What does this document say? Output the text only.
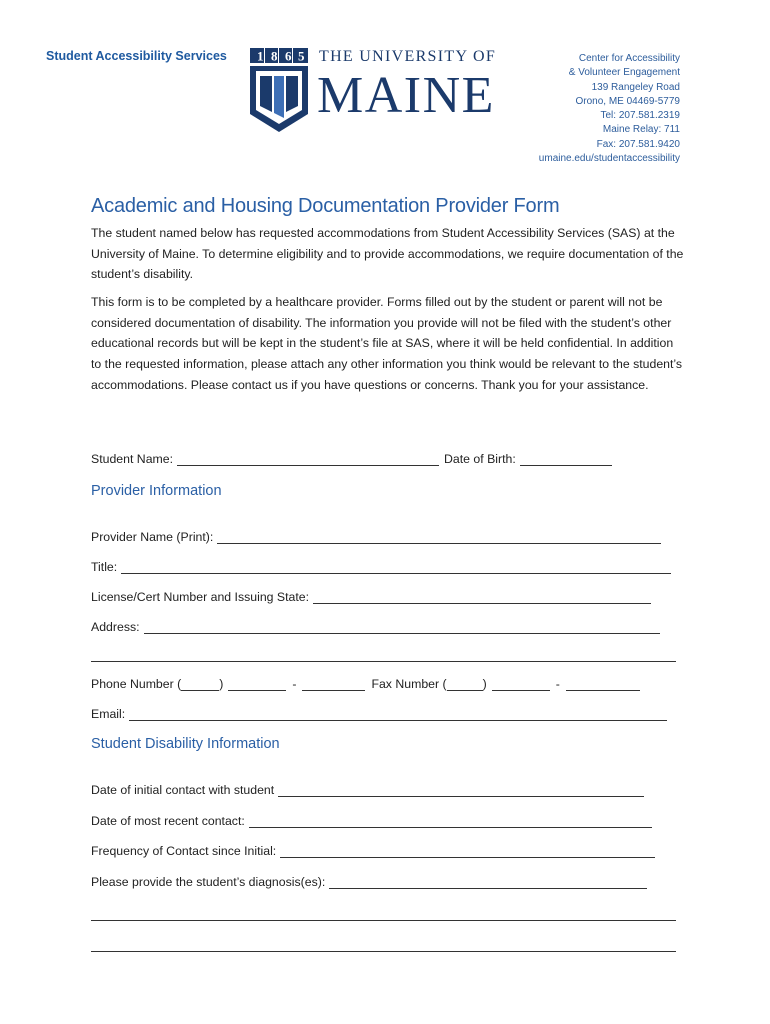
Student Accessibility Services 1 8 6 5 THE UNIVERSITY OF
MAINE
Center for Accessibility
& Volunteer Engagement
139 Rangeley Road
Orono, ME 04469-5779
Tel: 207.581.2319
Maine Relay: 711
Fax: 207.581.9420
umaine.edu/studentaccessibility
Academic and Housing Documentation Provider Form
The student named below has requested accommodations from Student Accessibility Services (SAS) at the University of Maine. To determine eligibility and to provide accommodations, we require documentation of the student’s disability.
This form is to be completed by a healthcare provider. Forms filled out by the student or parent will not be considered documentation of disability. The information you provide will not be filed with the student’s other educational records but will be kept in the student’s file at SAS, where it will be held confidential. In addition to the requested information, please attach any other information you think would be relevant to the student’s accommodations. Please contact us if you have questions or concerns. Thank you for your assistance.
Student Name:	Date of Birth:
Provider Information
Provider Name (Print):
Title:
License/Cert Number and Issuing State:
Address:
Phone Number (	)	-	Fax Number (	)	-
Email:
Student Disability Information
Date of initial contact with student
Date of most recent contact:
Frequency of Contact since Initial:
Please provide the student’s diagnosis(es):
